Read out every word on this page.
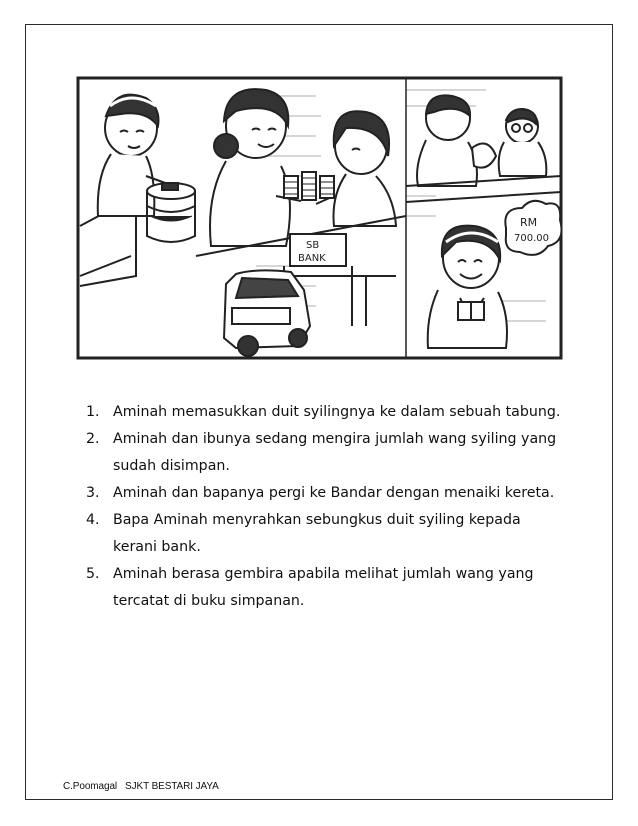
SB
BANK
RM
700.00
1. Aminah memasukkan duit syilingnya ke dalam sebuah tabung.
2. Aminah dan ibunya sedang mengira jumlah wang syiling yang sudah disimpan.
3. Aminah dan bapanya pergi ke Bandar dengan menaiki kereta.
4. Bapa Aminah menyrahkan sebungkus duit syiling kepada kerani bank.
5. Aminah berasa gembira apabila melihat jumlah wang yang tercatat di buku simpanan.
C.Poomagal SJKT BESTARI JAYA
